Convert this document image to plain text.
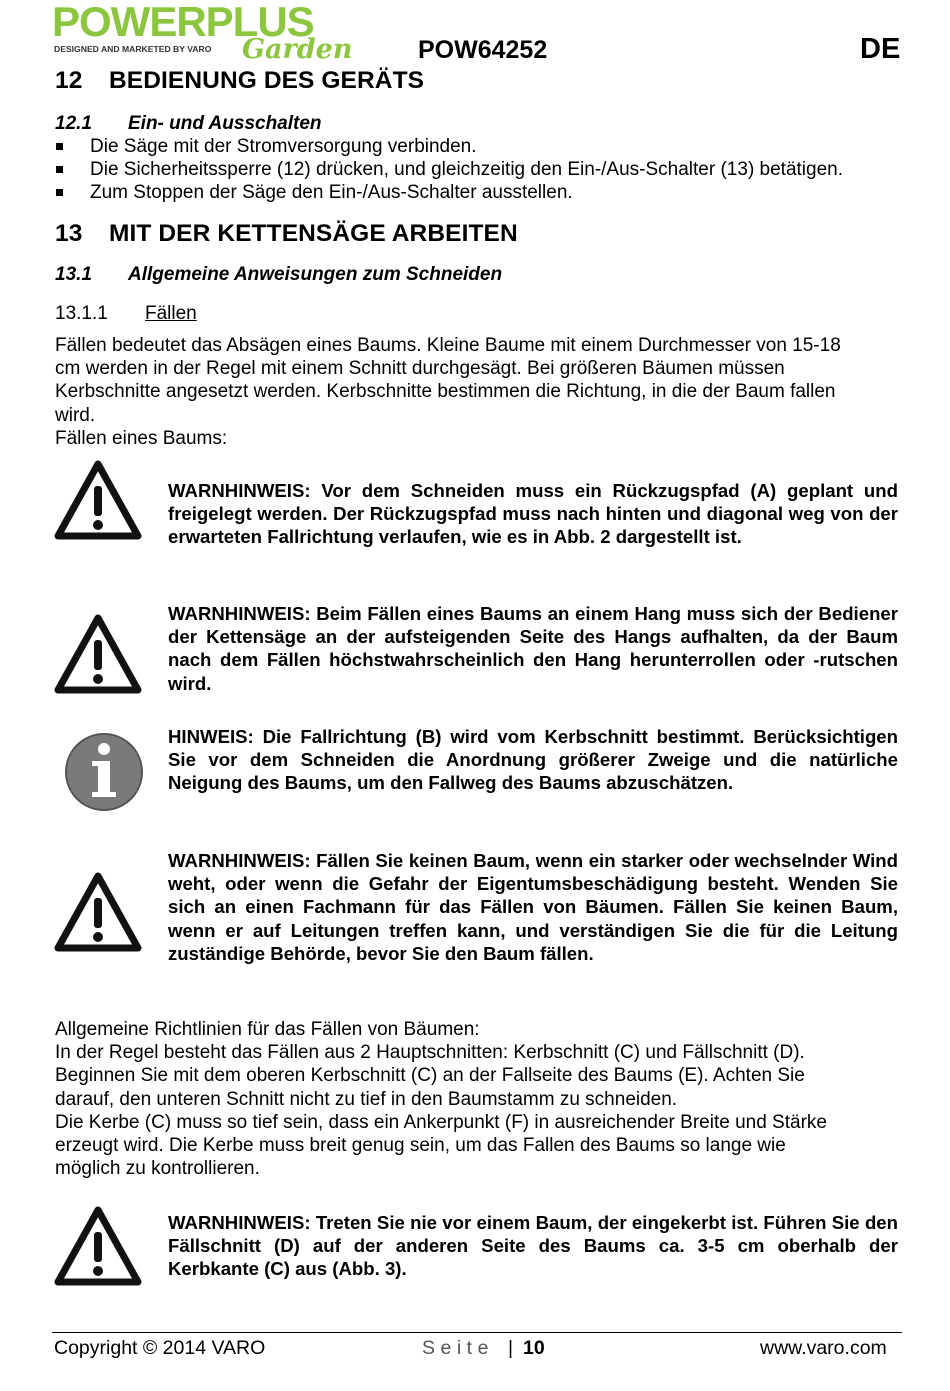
POWERPLUS
DESIGNED AND MARKETED BY VARO Garden	POW64252	DE
12 BEDIENUNG DES GERÄTS
12.1 Ein- und Ausschalten
Die Säge mit der Stromversorgung verbinden.
Die Sicherheitssperre (12) drücken, und gleichzeitig den Ein-/Aus-Schalter (13) betätigen.
Zum Stoppen der Säge den Ein-/Aus-Schalter ausstellen.
13 MIT DER KETTENSÄGE ARBEITEN
13.1 Allgemeine Anweisungen zum Schneiden
13.1.1 Fällen
Fällen bedeutet das Absägen eines Baums. Kleine Baume mit einem Durchmesser von 15-18
cm werden in der Regel mit einem Schnitt durchgesägt. Bei größeren Bäumen müssen
Kerbschnitte angesetzt werden. Kerbschnitte bestimmen die Richtung, in die der Baum fallen
wird.
Fällen eines Baums:
WARNHINWEIS: Vor dem Schneiden muss ein Rückzugspfad (A) geplant und freigelegt werden. Der Rückzugspfad muss nach hinten und diagonal weg von der erwarteten Fallrichtung verlaufen, wie es in Abb. 2 dargestellt ist.
WARNHINWEIS: Beim Fällen eines Baums an einem Hang muss sich der Bediener der Kettensäge an der aufsteigenden Seite des Hangs aufhalten, da der Baum nach dem Fällen höchstwahrscheinlich den Hang herunterrollen oder -rutschen wird.
HINWEIS: Die Fallrichtung (B) wird vom Kerbschnitt bestimmt. Berücksichtigen Sie vor dem Schneiden die Anordnung größerer Zweige und die natürliche Neigung des Baums, um den Fallweg des Baums abzuschätzen.
WARNHINWEIS: Fällen Sie keinen Baum, wenn ein starker oder wechselnder Wind weht, oder wenn die Gefahr der Eigentumsbeschädigung besteht. Wenden Sie sich an einen Fachmann für das Fällen von Bäumen. Fällen Sie keinen Baum, wenn er auf Leitungen treffen kann, und verständigen Sie die für die Leitung zuständige Behörde, bevor Sie den Baum fällen.
Allgemeine Richtlinien für das Fällen von Bäumen:
In der Regel besteht das Fällen aus 2 Hauptschnitten: Kerbschnitt (C) und Fällschnitt (D).
Beginnen Sie mit dem oberen Kerbschnitt (C) an der Fallseite des Baums (E). Achten Sie
darauf, den unteren Schnitt nicht zu tief in den Baumstamm zu schneiden.
Die Kerbe (C) muss so tief sein, dass ein Ankerpunkt (F) in ausreichender Breite und Stärke
erzeugt wird. Die Kerbe muss breit genug sein, um das Fallen des Baums so lange wie
möglich zu kontrollieren.
WARNHINWEIS: Treten Sie nie vor einem Baum, der eingekerbt ist. Führen Sie den Fällschnitt (D) auf der anderen Seite des Baums ca. 3-5 cm oberhalb der Kerbkante (C) aus (Abb. 3).
Copyright © 2014 VARO	Seite | 10	www.varo.com
